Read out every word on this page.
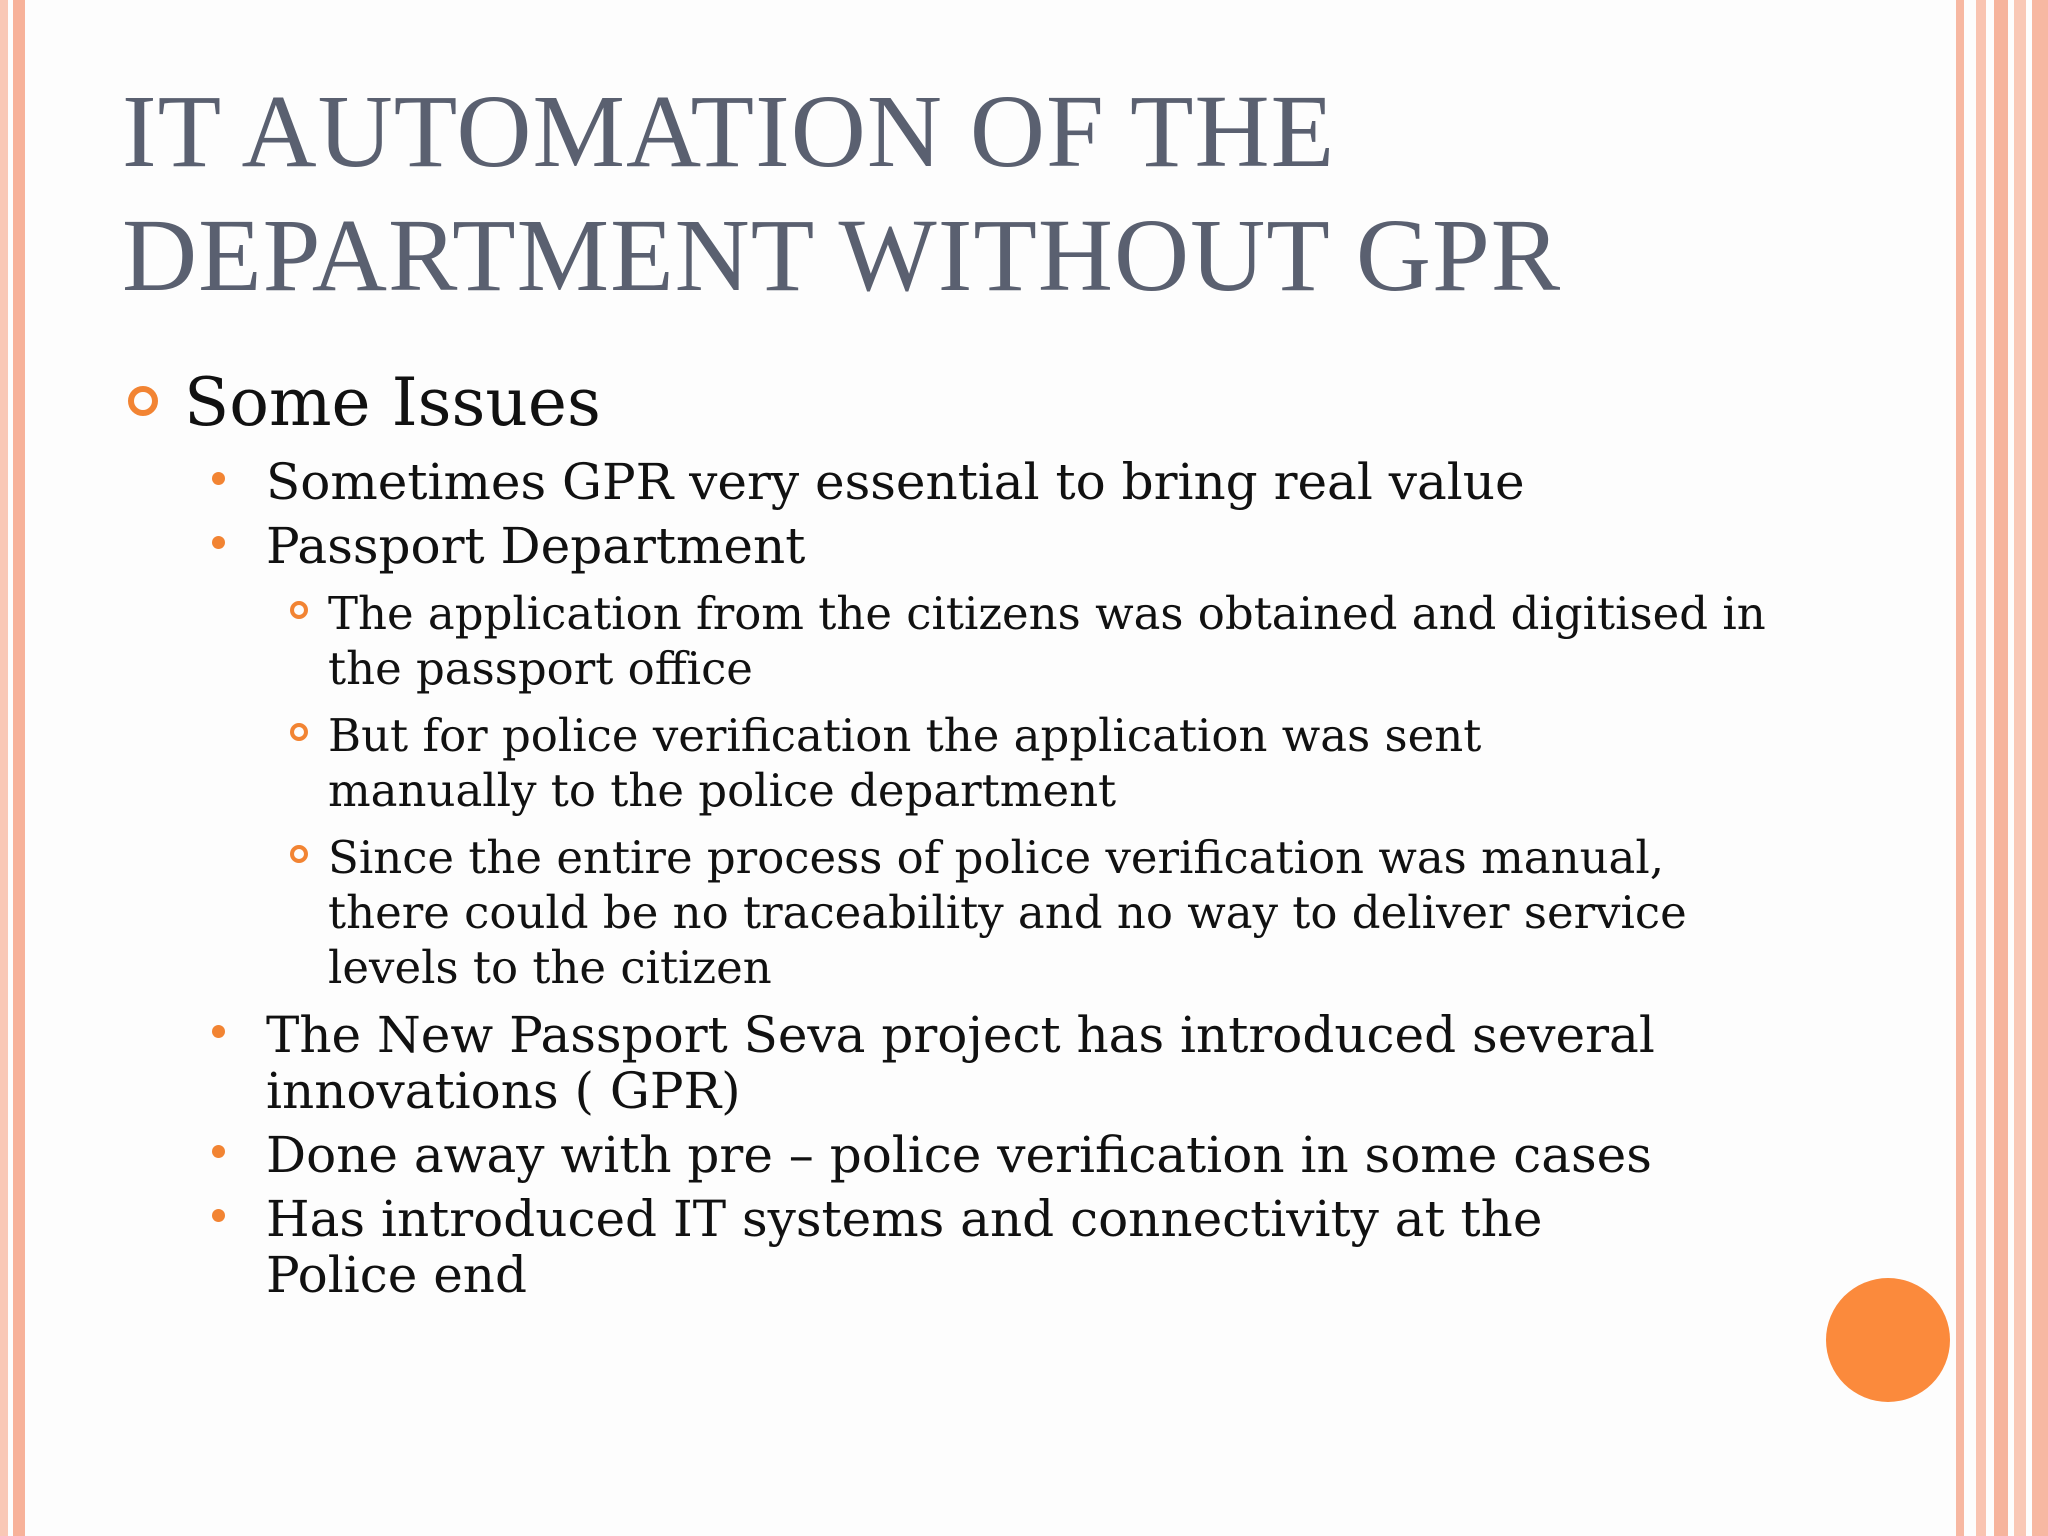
IT AUTOMATION OF THE
DEPARTMENT WITHOUT GPR
Some Issues
Sometimes GPR very essential to bring real value
Passport Department
The application from the citizens was obtained and digitised in the passport office
But for police verification the application was sent manually to the police department
Since the entire process of police verification was manual, there could be no traceability and no way to deliver service levels to the citizen
The New Passport Seva project has introduced several innovations ( GPR)
Done away with pre – police verification in some cases
Has introduced IT systems and connectivity at the Police end
